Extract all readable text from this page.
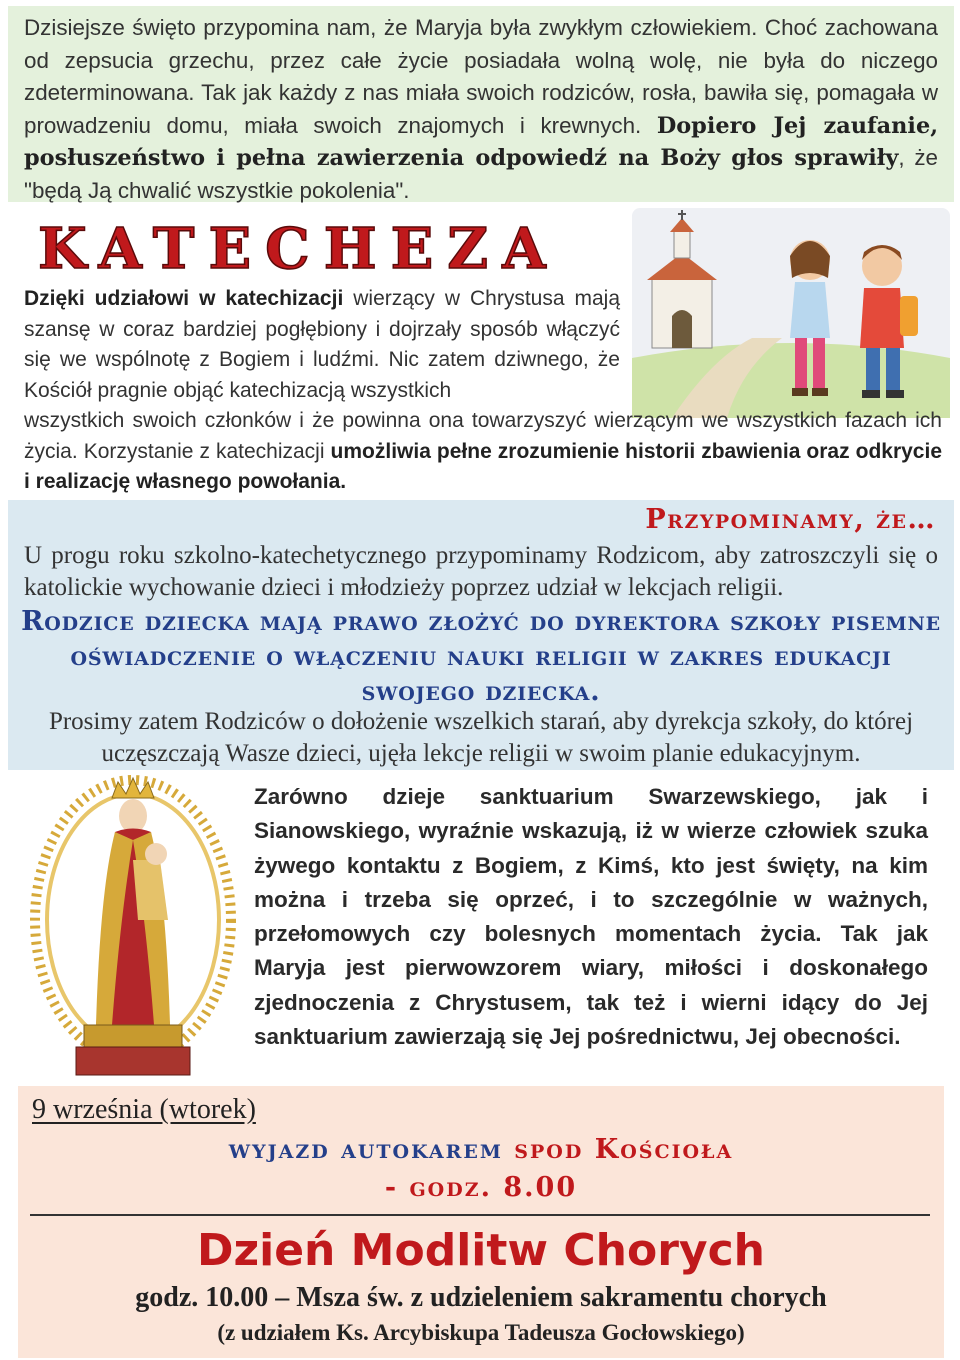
Dzisiejsze święto przypomina nam, że Maryja była zwykłym człowiekiem. Choć zachowana od zepsucia grzechu, przez całe życie posiadała wolną wolę, nie była do niczego zdeterminowana. Tak jak każdy z nas miała swoich rodziców, rosła, bawiła się, pomagała w prowadzeniu domu, miała swoich znajomych i krewnych. Dopiero Jej zaufanie, posłuszeństwo i pełna zawierzenia odpowiedź na Boży głos sprawiły, że "będą Ją chwalić wszystkie pokolenia".
KATECHEZA
Dzięki udziałowi w katechizacji wierzący w Chrystusa mają szansę w coraz bardziej pogłębiony i dojrzały sposób włączyć się we wspólnotę z Bogiem i ludźmi. Nic zatem dziwnego, że Kościół pragnie objąć katechizacją wszystkich
wszystkich swoich członków i że powinna ona towarzyszyć wierzącym we wszystkich fazach ich życia. Korzystanie z katechizacji umożliwia pełne zrozumienie historii zbawienia oraz odkrycie i realizację własnego powołania.
Przypominamy, że…

U progu roku szkolno-katechetycznego przypominamy Rodzicom, aby zatroszczyli się o katolickie wychowanie dzieci i młodzieży poprzez udział w lekcjach religii.

Rodzice dziecka mają prawo złożyć do dyrektora szkoły pisemne oświadczenie o włączeniu nauki religii w zakres edukacji swojego dziecka.

Prosimy zatem Rodziców o dołożenie wszelkich starań, aby dyrekcja szkoły, do której uczęszczają Wasze dzieci, ujęła lekcje religii w swoim planie edukacyjnym.

Zarówno dzieje sanktuarium Swarzewskiego, jak i Sianowskiego, wyraźnie wskazują, iż w wierze człowiek szuka żywego kontaktu z Bogiem, z Kimś, kto jest święty, na kim można i trzeba się oprzeć, i to szczególnie w ważnych, przełomowych czy bolesnych momentach życia. Tak jak Maryja jest pierwowzorem wiary, miłości i doskonałego zjednoczenia z Chrystusem, tak też i wierni idący do Jej sanktuarium zawierzają się Jej pośrednictwu, Jej obecności.

9 września (wtorek)

wyjazd autokarem spod Kościoła

- godz. 8.00

Dzień Modlitw Chorych

godz. 10.00 – Msza św. z udzieleniem sakramentu chorych

(z udziałem Ks. Arcybiskupa Tadeusza Gocłowskiego)
